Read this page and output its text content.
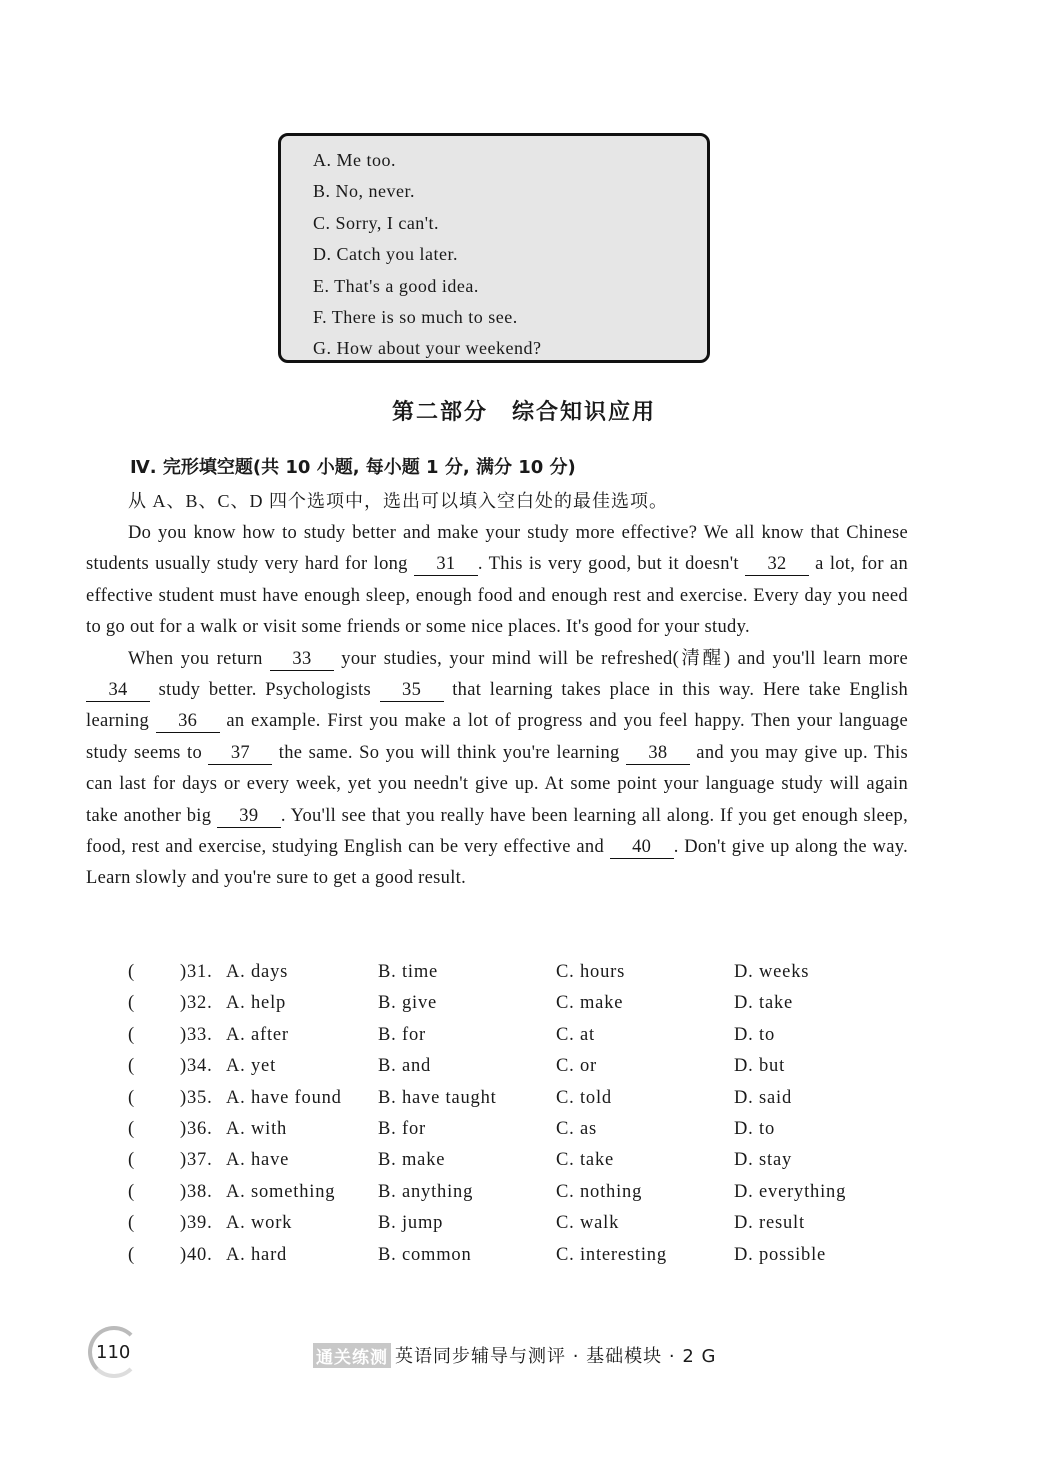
A. Me too.
B. No, never.
C. Sorry, I can't.
D. Catch you later.
E. That's a good idea.
F. There is so much to see.
G. How about your weekend?
第二部分　综合知识应用
Ⅳ. 完形填空题(共 10 小题, 每小题 1 分, 满分 10 分)
从 A、B、C、D 四个选项中，选出可以填入空白处的最佳选项。

Do you know how to study better and make your study more effective? We all know that Chinese students usually study very hard for long 31 . This is very good, but it doesn't 32 a lot, for an effective student must have enough sleep, enough food and enough rest and exercise. Every day you need to go out for a walk or visit some friends or some nice places. It's good for your study.

When you return 33 your studies, your mind will be refreshed(清醒) and you'll learn more 34 study better. Psychologists 35 that learning takes place in this way. Here take English learning 36 an example. First you make a lot of progress and you feel happy. Then your language study seems to 37 the same. So you will think you're learning 38 and you may give up. This can last for days or every week, yet you needn't give up. At some point your language study will again take another big 39 . You'll see that you really have been learning all along. If you get enough sleep, food, rest and exercise, studying English can be very effective and 40 . Don't give up along the way. Learn slowly and you're sure to get a good result.

( )31. A. days	B. time	C. hours	D. weeks
( )32. A. help	B. give	C. make	D. take
( )33. A. after	B. for	C. at	D. to
( )34. A. yet	B. and	C. or	D. but
( )35. A. have found B. have taught	C. told	D. said
( )36. A. with	B. for	C. as	D. to
( )37. A. have	B. make	C. take	D. stay
( )38. A. something B. anything	C. nothing	D. everything
( )39. A. work	B. jump	C. walk	D. result
( )40. A. hard	B. common	C. interesting	D. possible
110	通关练测 英语同步辅导与测评 · 基础模块 · 2 G
